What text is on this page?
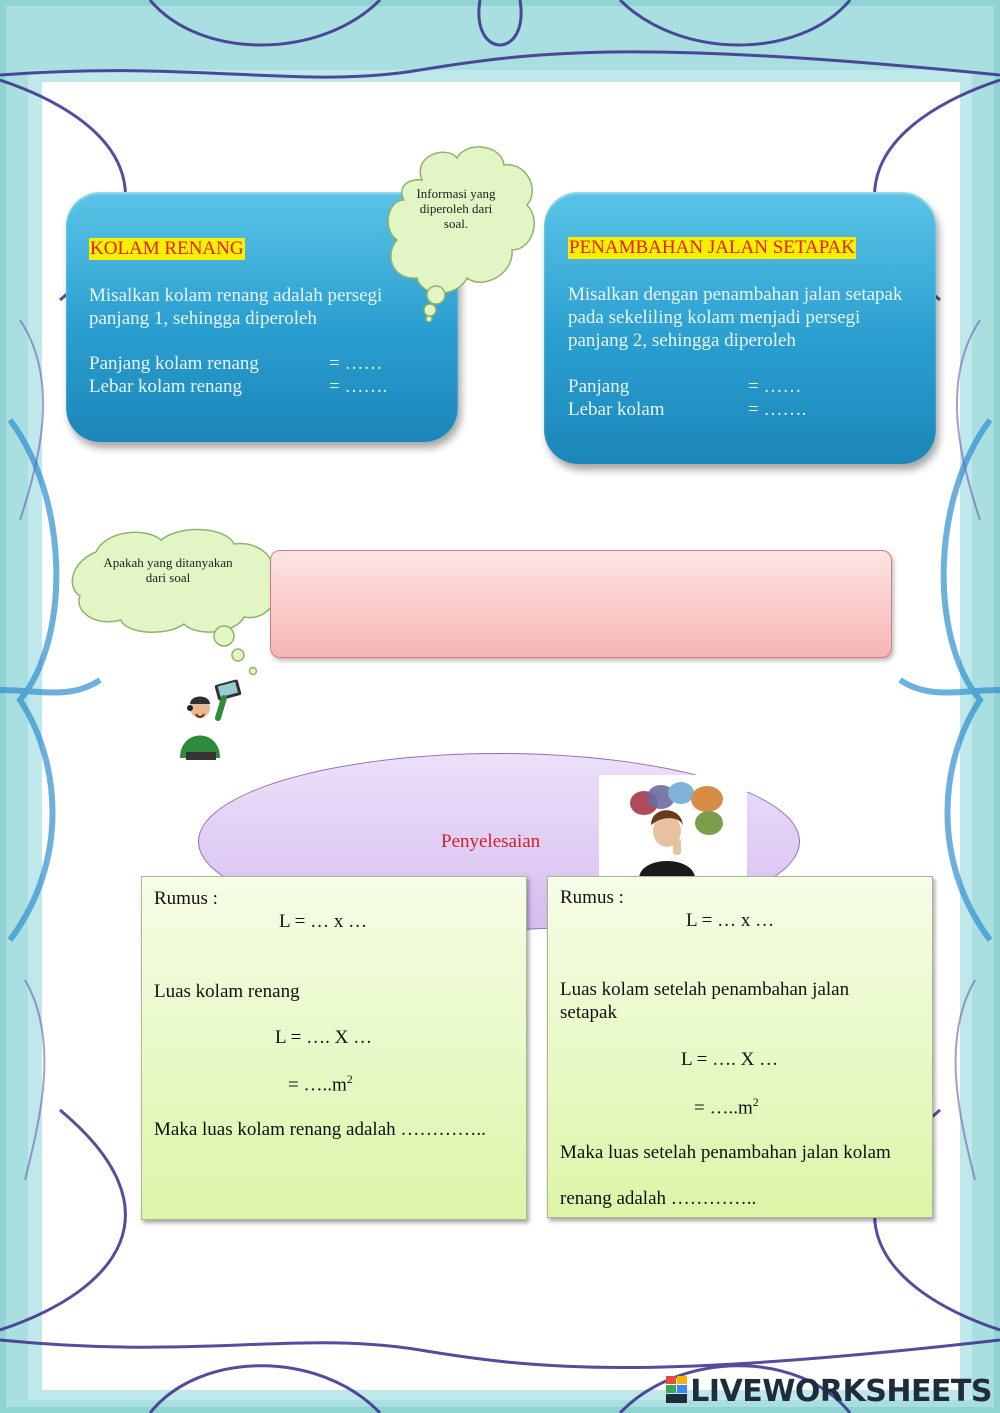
KOLAM RENANG
Misalkan kolam renang adalah persegi panjang 1, sehingga diperoleh
Panjang kolam renang	= ……
Lebar kolam renang	= …….
PENAMBAHAN JALAN SETAPAK
Misalkan dengan penambahan jalan setapak pada sekeliling kolam menjadi persegi panjang 2, sehingga diperoleh
Panjang	= ……
Lebar kolam	= …….
Informasi yang diperoleh dari soal.
Apakah yang ditanyakan dari soal
Penyelesaian
Rumus :
L = … x …
Luas kolam renang
L = …. X …
= $\dots..m^2$
Maka luas kolam renang adalah …………..
Rumus :
L = … x …
Luas kolam setelah penambahan jalan
setapak
L = …. X …
= $\dots..m^2$
Maka luas setelah penambahan jalan kolam
renang adalah …………..
LIVEWORKSHEETS
